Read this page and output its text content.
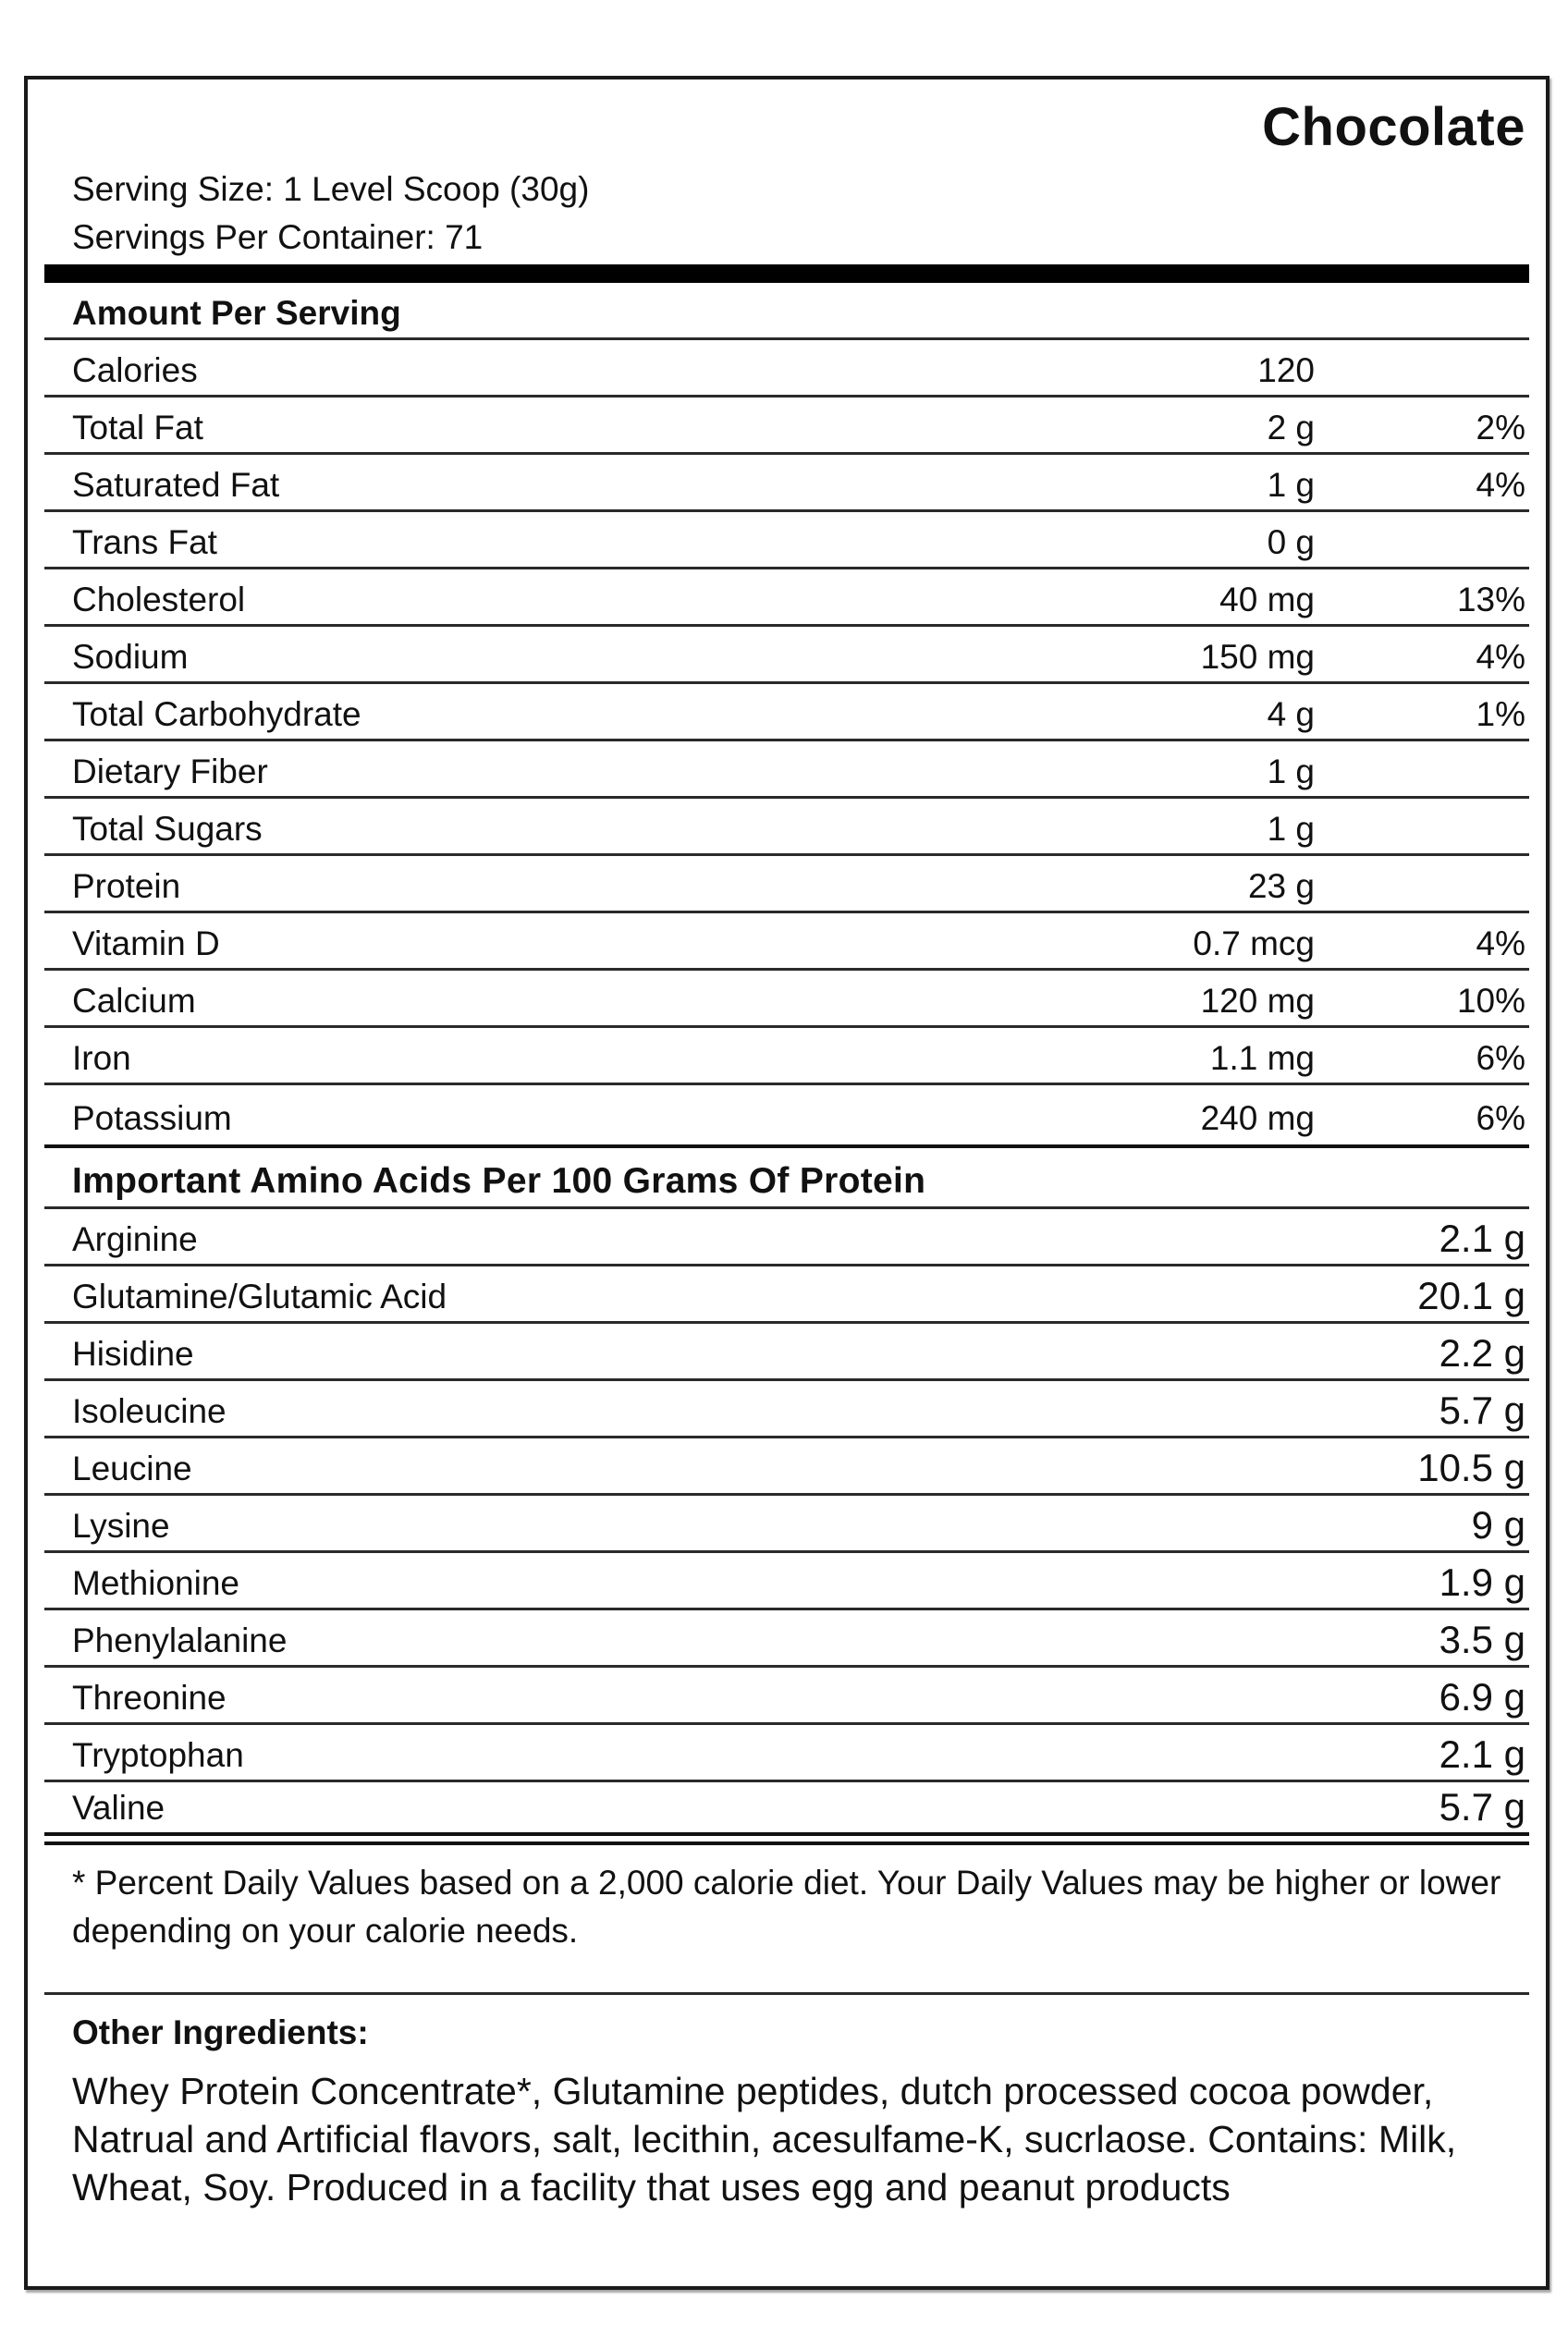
Chocolate
Serving Size: 1 Level Scoop (30g)
Servings Per Container: 71
Amount Per Serving
Calories	120
Total Fat	2 g	2%
Saturated Fat	1 g	4%
Trans Fat	0 g
Cholesterol	40 mg	13%
Sodium	150 mg	4%
Total Carbohydrate	4 g	1%
Dietary Fiber	1 g
Total Sugars	1 g
Protein	23 g
Vitamin D	0.7 mcg	4%
Calcium	120 mg	10%
Iron	1.1 mg	6%
Potassium	240 mg	6%
Important Amino Acids Per 100 Grams Of Protein
Arginine	2.1 g
Glutamine/Glutamic Acid	20.1 g
Hisidine	2.2 g
Isoleucine	5.7 g
Leucine	10.5 g
Lysine	9 g
Methionine	1.9 g
Phenylalanine	3.5 g
Threonine	6.9 g
Tryptophan	2.1 g
Valine	5.7 g
* Percent Daily Values based on a 2,000 calorie diet. Your Daily Values may be higher or lower depending on your calorie needs.
Other Ingredients:
Whey Protein Concentrate*, Glutamine peptides, dutch processed cocoa powder, Natrual and Artificial flavors, salt, lecithin, acesulfame-K, sucrlaose. Contains: Milk, Wheat, Soy. Produced in a facility that uses egg and peanut products
